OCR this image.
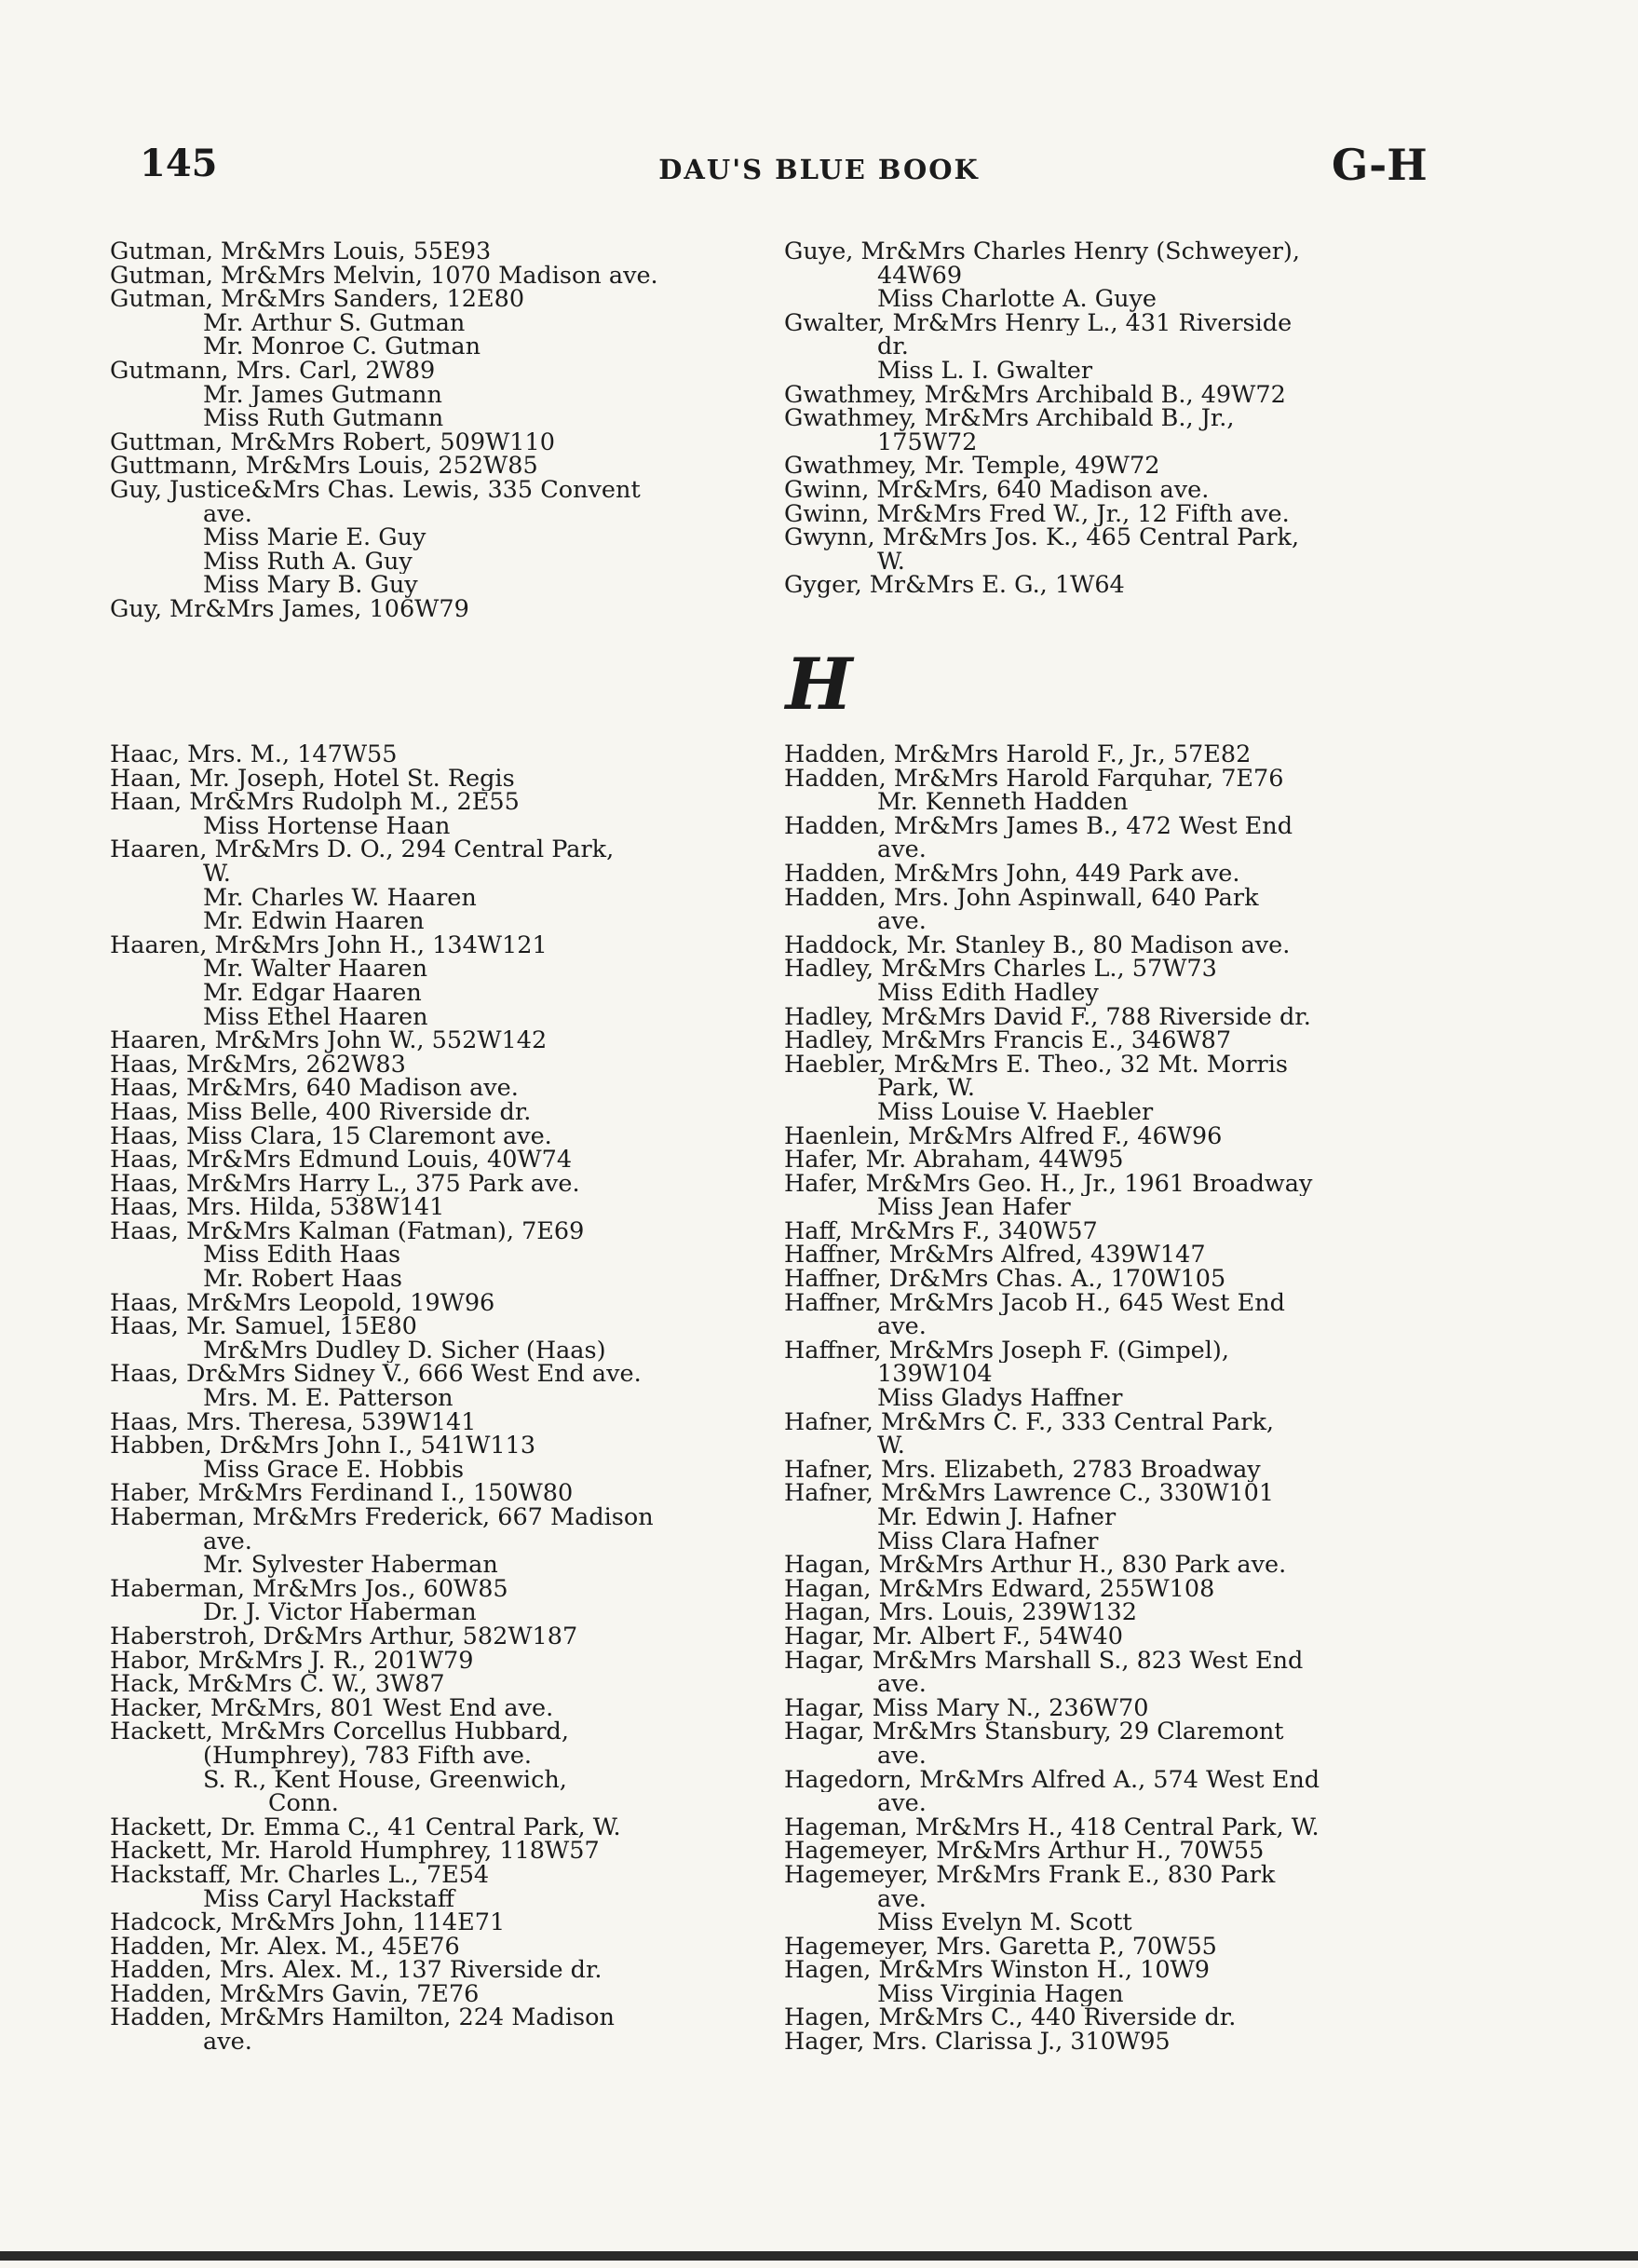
145	DAU'S BLUE BOOK	G-H
Gutman, Mr&Mrs Louis, 55E93
Gutman, Mr&Mrs Melvin, 1070 Madison ave.
Gutman, Mr&Mrs Sanders, 12E80
Mr. Arthur S. Gutman
Mr. Monroe C. Gutman
Gutmann, Mrs. Carl, 2W89
Mr. James Gutmann
Miss Ruth Gutmann
Guttman, Mr&Mrs Robert, 509W110
Guttmann, Mr&Mrs Louis, 252W85
Guy, Justice&Mrs Chas. Lewis, 335 Convent
ave.
Miss Marie E. Guy
Miss Ruth A. Guy
Miss Mary B. Guy
Guy, Mr&Mrs James, 106W79
Guye, Mr&Mrs Charles Henry (Schweyer),
44W69
Miss Charlotte A. Guye
Gwalter, Mr&Mrs Henry L., 431 Riverside
dr.
Miss L. I. Gwalter
Gwathmey, Mr&Mrs Archibald B., 49W72
Gwathmey, Mr&Mrs Archibald B., Jr.,
175W72
Gwathmey, Mr. Temple, 49W72
Gwinn, Mr&Mrs, 640 Madison ave.
Gwinn, Mr&Mrs Fred W., Jr., 12 Fifth ave.
Gwynn, Mr&Mrs Jos. K., 465 Central Park,
W.
Gyger, Mr&Mrs E. G., 1W64
H
Haac, Mrs. M., 147W55
Haan, Mr. Joseph, Hotel St. Regis
Haan, Mr&Mrs Rudolph M., 2E55
Miss Hortense Haan
Haaren, Mr&Mrs D. O., 294 Central Park,
W.
Mr. Charles W. Haaren
Mr. Edwin Haaren
Haaren, Mr&Mrs John H., 134W121
Mr. Walter Haaren
Mr. Edgar Haaren
Miss Ethel Haaren
Haaren, Mr&Mrs John W., 552W142
Haas, Mr&Mrs, 262W83
Haas, Mr&Mrs, 640 Madison ave.
Haas, Miss Belle, 400 Riverside dr.
Haas, Miss Clara, 15 Claremont ave.
Haas, Mr&Mrs Edmund Louis, 40W74
Haas, Mr&Mrs Harry L., 375 Park ave.
Haas, Mrs. Hilda, 538W141
Haas, Mr&Mrs Kalman (Fatman), 7E69
Miss Edith Haas
Mr. Robert Haas
Haas, Mr&Mrs Leopold, 19W96
Haas, Mr. Samuel, 15E80
Mr&Mrs Dudley D. Sicher (Haas)
Haas, Dr&Mrs Sidney V., 666 West End ave.
Mrs. M. E. Patterson
Haas, Mrs. Theresa, 539W141
Habben, Dr&Mrs John I., 541W113
Miss Grace E. Hobbis
Haber, Mr&Mrs Ferdinand I., 150W80
Haberman, Mr&Mrs Frederick, 667 Madison
ave.
Mr. Sylvester Haberman
Haberman, Mr&Mrs Jos., 60W85
Dr. J. Victor Haberman
Haberstroh, Dr&Mrs Arthur, 582W187
Habor, Mr&Mrs J. R., 201W79
Hack, Mr&Mrs C. W., 3W87
Hacker, Mr&Mrs, 801 West End ave.
Hackett, Mr&Mrs Corcellus Hubbard,
(Humphrey), 783 Fifth ave.
S. R., Kent House, Greenwich,
Conn.
Hackett, Dr. Emma C., 41 Central Park, W.
Hackett, Mr. Harold Humphrey, 118W57
Hackstaff, Mr. Charles L., 7E54
Miss Caryl Hackstaff
Hadcock, Mr&Mrs John, 114E71
Hadden, Mr. Alex. M., 45E76
Hadden, Mrs. Alex. M., 137 Riverside dr.
Hadden, Mr&Mrs Gavin, 7E76
Hadden, Mr&Mrs Hamilton, 224 Madison
ave.
Hadden, Mr&Mrs Harold F., Jr., 57E82
Hadden, Mr&Mrs Harold Farquhar, 7E76
Mr. Kenneth Hadden
Hadden, Mr&Mrs James B., 472 West End
ave.
Hadden, Mr&Mrs John, 449 Park ave.
Hadden, Mrs. John Aspinwall, 640 Park
ave.
Haddock, Mr. Stanley B., 80 Madison ave.
Hadley, Mr&Mrs Charles L., 57W73
Miss Edith Hadley
Hadley, Mr&Mrs David F., 788 Riverside dr.
Hadley, Mr&Mrs Francis E., 346W87
Haebler, Mr&Mrs E. Theo., 32 Mt. Morris
Park, W.
Miss Louise V. Haebler
Haenlein, Mr&Mrs Alfred F., 46W96
Hafer, Mr. Abraham, 44W95
Hafer, Mr&Mrs Geo. H., Jr., 1961 Broadway
Miss Jean Hafer
Haff, Mr&Mrs F., 340W57
Haffner, Mr&Mrs Alfred, 439W147
Haffner, Dr&Mrs Chas. A., 170W105
Haffner, Mr&Mrs Jacob H., 645 West End
ave.
Haffner, Mr&Mrs Joseph F. (Gimpel),
139W104
Miss Gladys Haffner
Hafner, Mr&Mrs C. F., 333 Central Park,
W.
Hafner, Mrs. Elizabeth, 2783 Broadway
Hafner, Mr&Mrs Lawrence C., 330W101
Mr. Edwin J. Hafner
Miss Clara Hafner
Hagan, Mr&Mrs Arthur H., 830 Park ave.
Hagan, Mr&Mrs Edward, 255W108
Hagan, Mrs. Louis, 239W132
Hagar, Mr. Albert F., 54W40
Hagar, Mr&Mrs Marshall S., 823 West End
ave.
Hagar, Miss Mary N., 236W70
Hagar, Mr&Mrs Stansbury, 29 Claremont
ave.
Hagedorn, Mr&Mrs Alfred A., 574 West End
ave.
Hageman, Mr&Mrs H., 418 Central Park, W.
Hagemeyer, Mr&Mrs Arthur H., 70W55
Hagemeyer, Mr&Mrs Frank E., 830 Park
ave.
Miss Evelyn M. Scott
Hagemeyer, Mrs. Garetta P., 70W55
Hagen, Mr&Mrs Winston H., 10W9
Miss Virginia Hagen
Hagen, Mr&Mrs C., 440 Riverside dr.
Hager, Mrs. Clarissa J., 310W95
